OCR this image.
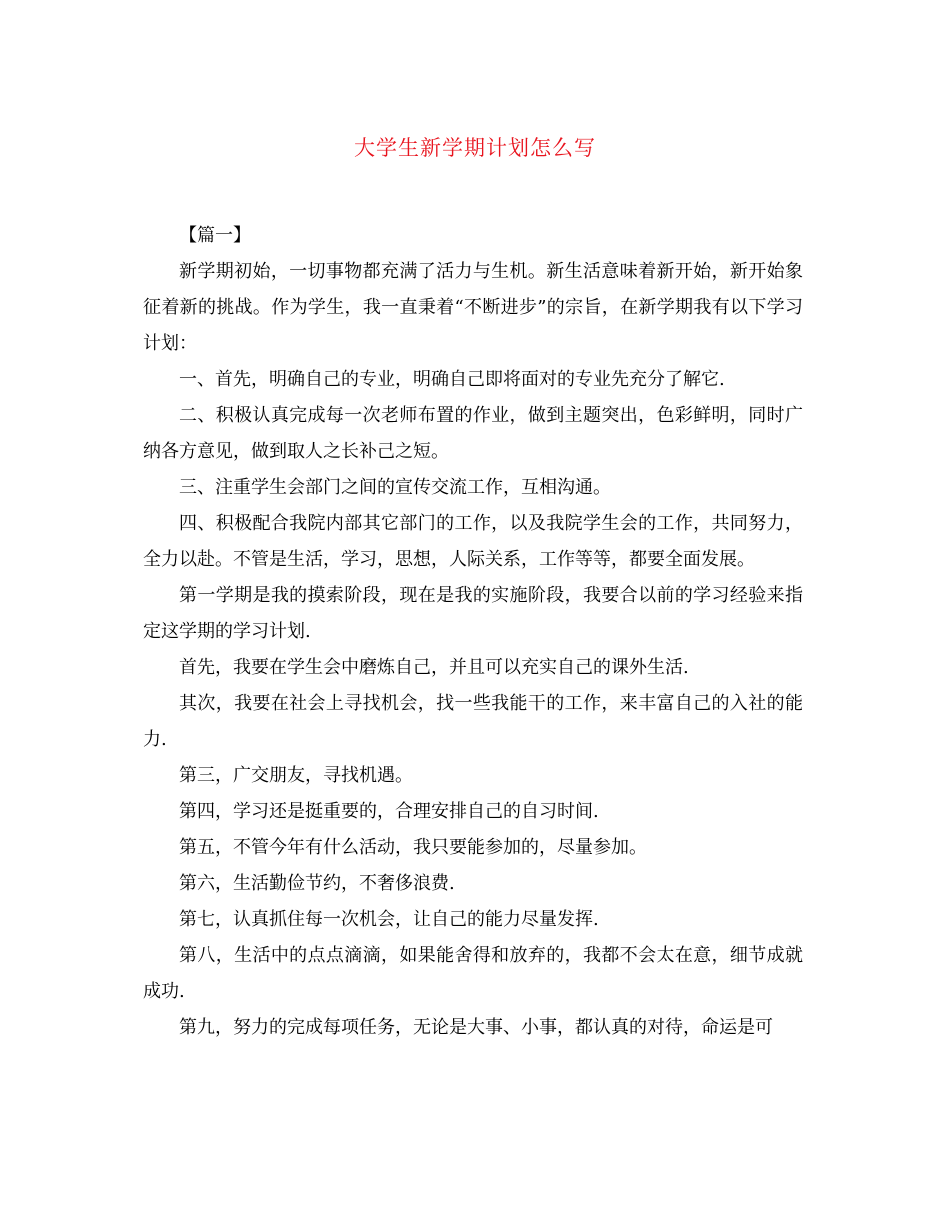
大学生新学期计划怎么写

【篇一】

新学期初始，一切事物都充满了活力与生机。新生活意味着新开始，新开始象征着新的挑战。作为学生，我一直秉着“不断进步”的宗旨，在新学期我有以下学习计划：

一、首先，明确自己的专业，明确自己即将面对的专业先充分了解它.

二、积极认真完成每一次老师布置的作业，做到主题突出，色彩鲜明，同时广纳各方意见，做到取人之长补己之短。

三、注重学生会部门之间的宣传交流工作，互相沟通。

四、积极配合我院内部其它部门的工作，以及我院学生会的工作，共同努力，全力以赴。不管是生活，学习，思想，人际关系，工作等等，都要全面发展。

第一学期是我的摸索阶段，现在是我的实施阶段，我要合以前的学习经验来指定这学期的学习计划.

首先，我要在学生会中磨炼自己，并且可以充实自己的课外生活.

其次，我要在社会上寻找机会，找一些我能干的工作，来丰富自己的入社的能力.

第三，广交朋友，寻找机遇。

第四，学习还是挺重要的，合理安排自己的自习时间.

第五，不管今年有什么活动，我只要能参加的，尽量参加。

第六，生活勤俭节约，不奢侈浪费.

第七，认真抓住每一次机会，让自己的能力尽量发挥.

第八，生活中的点点滴滴，如果能舍得和放弃的，我都不会太在意，细节成就成功.

第九，努力的完成每项任务，无论是大事、小事，都认真的对待，命运是可
